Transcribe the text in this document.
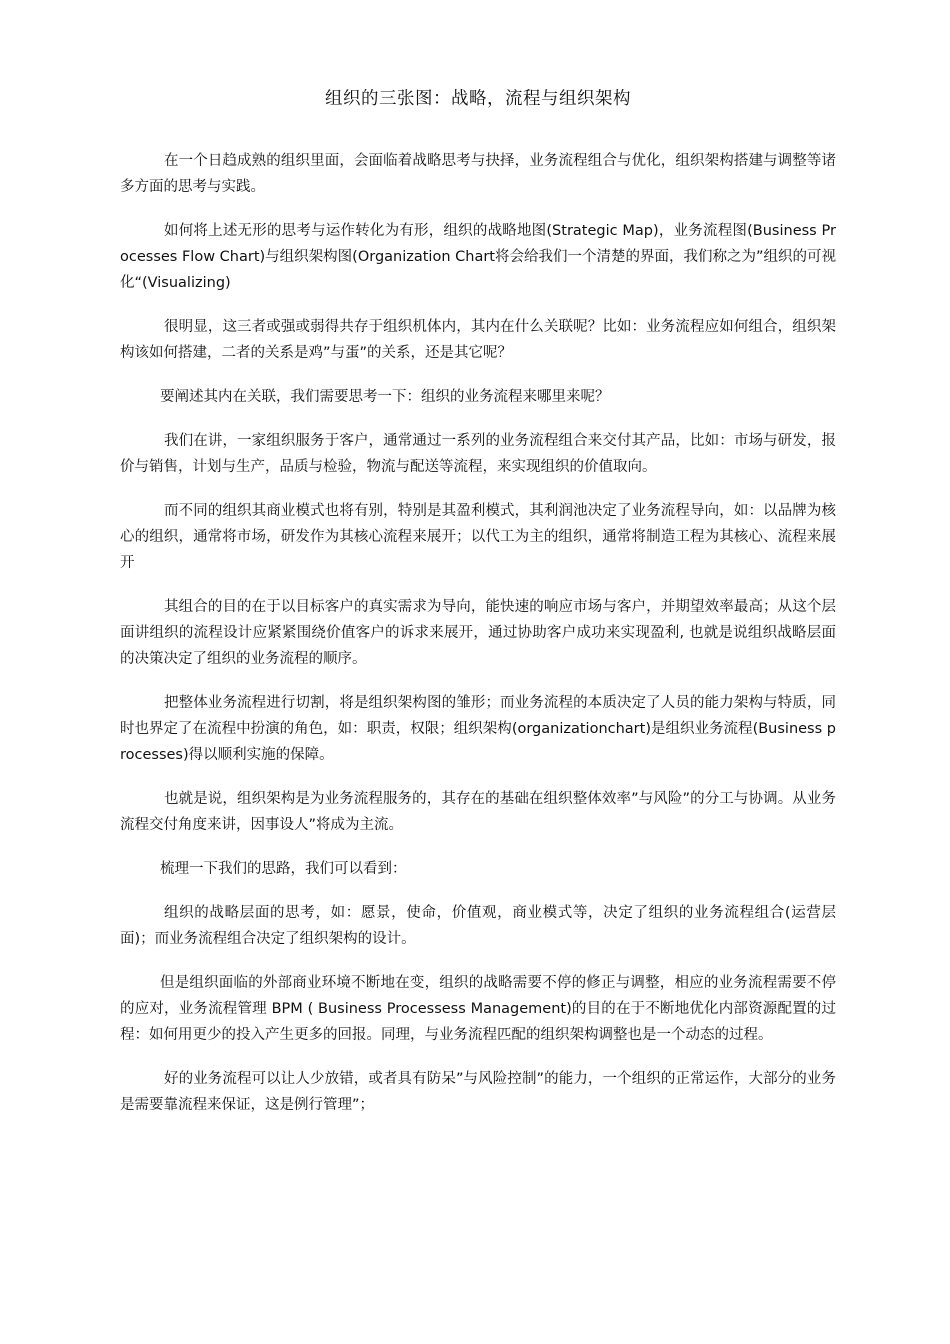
组织的三张图：战略，流程与组织架构

在一个日趋成熟的组织里面，会面临着战略思考与抉择，业务流程组合与优化，组织架构搭建与调整等诸多方面的思考与实践。

如何将上述无形的思考与运作转化为有形，组织的战略地图(Strategic Map)，业务流程图(Business Processes Flow Chart)与组织架构图(Organization Chart将会给我们一个清楚的界面，我们称之为”组织的可视化“(Visualizing)

很明显，这三者或强或弱得共存于组织机体内，其内在什么关联呢？比如：业务流程应如何组合，组织架构该如何搭建，二者的关系是鸡”与蛋”的关系，还是其它呢？

要阐述其内在关联，我们需要思考一下：组织的业务流程来哪里来呢？

我们在讲，一家组织服务于客户，通常通过一系列的业务流程组合来交付其产品，比如：市场与研发，报价与销售，计划与生产，品质与检验，物流与配送等流程，来实现组织的价值取向。

而不同的组织其商业模式也将有别，特别是其盈利模式，其利润池决定了业务流程导向，如：以品牌为核心的组织，通常将市场，研发作为其核心流程来展开；以代工为主的组织，通常将制造工程为其核心、流程来展开

其组合的目的在于以目标客户的真实需求为导向，能快速的响应市场与客户，并期望效率最高；从这个层面讲组织的流程设计应紧紧围绕价值客户的诉求来展开，通过协助客户成功来实现盈利, 也就是说组织战略层面的决策决定了组织的业务流程的顺序。

把整体业务流程进行切割，将是组织架构图的雏形；而业务流程的本质决定了人员的能力架构与特质，同时也界定了在流程中扮演的角色，如：职责，权限；组织架构(organizationchart)是组织业务流程(Business processes)得以顺利实施的保障。

也就是说，组织架构是为业务流程服务的，其存在的基础在组织整体效率”与风险”的分工与协调。从业务流程交付角度来讲，因事设人”将成为主流。

梳理一下我们的思路，我们可以看到：

组织的战略层面的思考，如：愿景，使命，价值观，商业模式等，决定了组织的业务流程组合(运营层面)；而业务流程组合决定了组织架构的设计。

但是组织面临的外部商业环境不断地在变，组织的战略需要不停的修正与调整，相应的业务流程需要不停的应对，业务流程管理 BPM ( Business Processess Management)的目的在于不断地优化内部资源配置的过程：如何用更少的投入产生更多的回报。同理，与业务流程匹配的组织架构调整也是一个动态的过程。

好的业务流程可以让人少放错，或者具有防呆”与风险控制”的能力，一个组织的正常运作，大部分的业务是需要靠流程来保证，这是例行管理”；
